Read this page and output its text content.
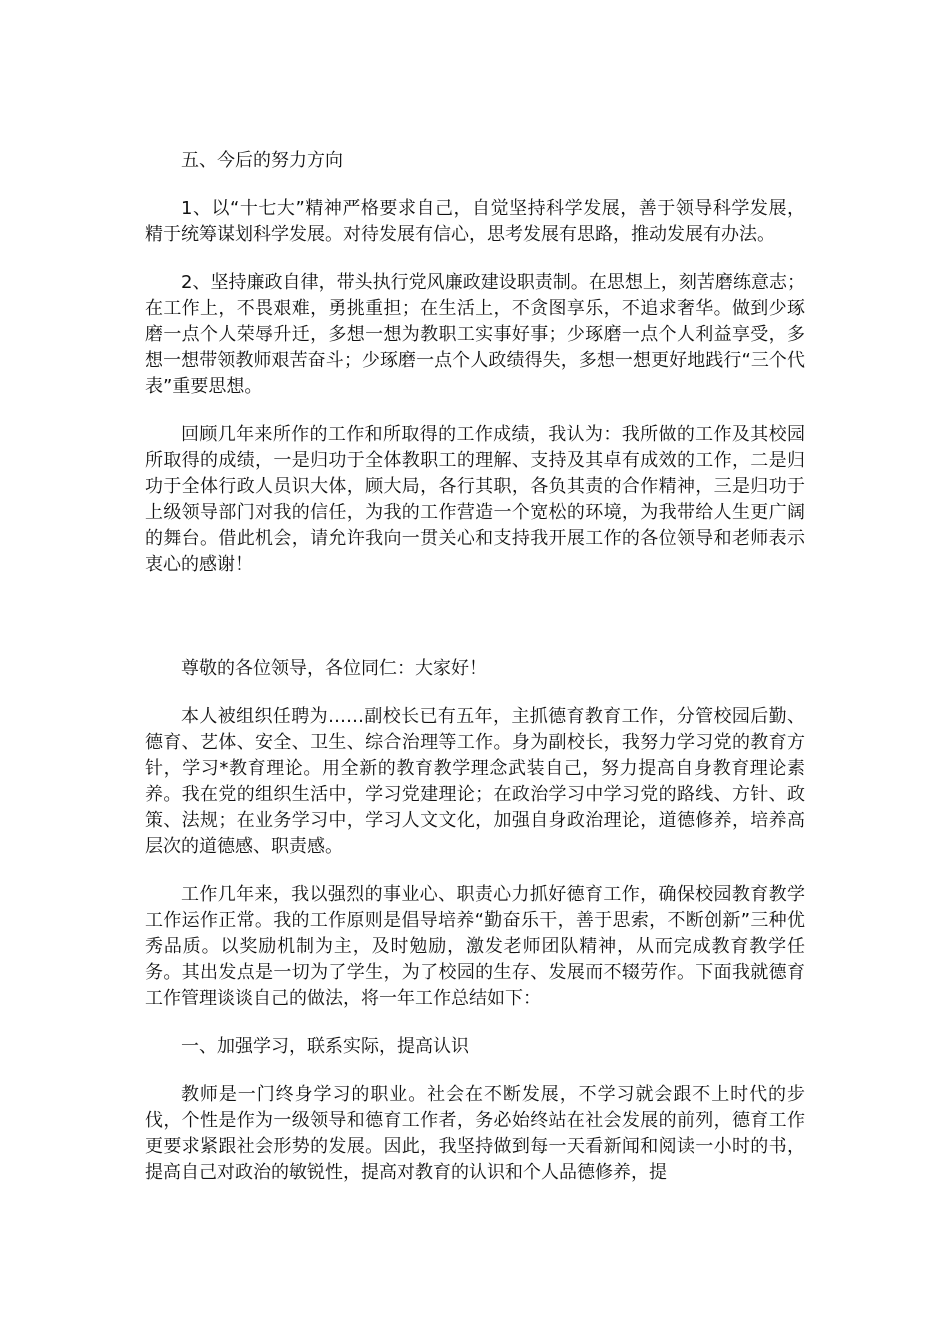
五、今后的努力方向

1、以“十七大”精神严格要求自己，自觉坚持科学发展，善于领导科学发展，精于统筹谋划科学发展。对待发展有信心，思考发展有思路，推动发展有办法。

2、坚持廉政自律，带头执行党风廉政建设职责制。在思想上，刻苦磨练意志；在工作上，不畏艰难，勇挑重担；在生活上，不贪图享乐，不追求奢华。做到少琢磨一点个人荣辱升迁，多想一想为教职工实事好事；少琢磨一点个人利益享受，多想一想带领教师艰苦奋斗；少琢磨一点个人政绩得失，多想一想更好地践行“三个代表”重要思想。

回顾几年来所作的工作和所取得的工作成绩，我认为：我所做的工作及其校园所取得的成绩，一是归功于全体教职工的理解、支持及其卓有成效的工作，二是归功于全体行政人员识大体，顾大局，各行其职，各负其责的合作精神，三是归功于上级领导部门对我的信任，为我的工作营造一个宽松的环境，为我带给人生更广阔的舞台。借此机会，请允许我向一贯关心和支持我开展工作的各位领导和老师表示衷心的感谢！

尊敬的各位领导，各位同仁：大家好！

本人被组织任聘为……副校长已有五年，主抓德育教育工作，分管校园后勤、德育、艺体、安全、卫生、综合治理等工作。身为副校长，我努力学习党的教育方针，学习*教育理论。用全新的教育教学理念武装自己，努力提高自身教育理论素养。我在党的组织生活中，学习党建理论；在政治学习中学习党的路线、方针、政策、法规；在业务学习中，学习人文文化，加强自身政治理论，道德修养，培养高层次的道德感、职责感。

工作几年来，我以强烈的事业心、职责心力抓好德育工作，确保校园教育教学工作运作正常。我的工作原则是倡导培养“勤奋乐干，善于思索，不断创新”三种优秀品质。以奖励机制为主，及时勉励，激发老师团队精神，从而完成教育教学任务。其出发点是一切为了学生，为了校园的生存、发展而不辍劳作。下面我就德育工作管理谈谈自己的做法，将一年工作总结如下：

一、加强学习，联系实际，提高认识

教师是一门终身学习的职业。社会在不断发展，不学习就会跟不上时代的步伐，个性是作为一级领导和德育工作者，务必始终站在社会发展的前列，德育工作更要求紧跟社会形势的发展。因此，我坚持做到每一天看新闻和阅读一小时的书，提高自己对政治的敏锐性，提高对教育的认识和个人品德修养，提
